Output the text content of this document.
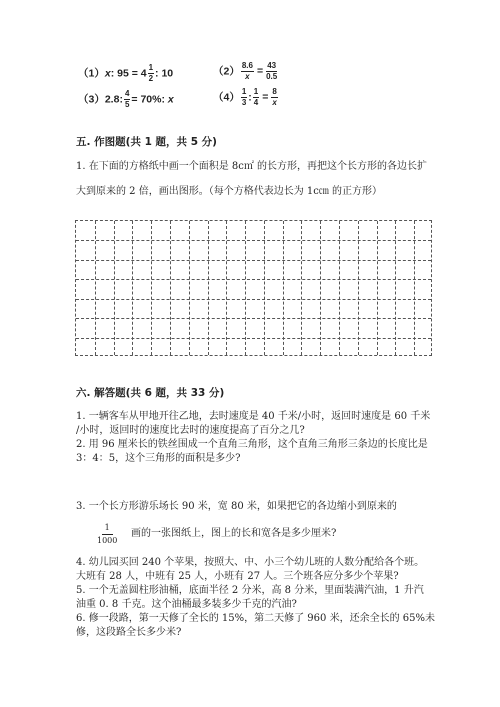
（1）x: $95 = 4 \frac{1}{2}$ : 10	$(2) \frac{8.6}{x} = \frac{43}{0.5}$
（3）2.8: $\frac{4}{5} = 70\%$: x	$(4) \frac{1}{3}$ : $\frac{1}{4} = \frac{8}{x}$
五. 作图题(共 1 题，共 5 分)
1. 在下面的方格纸中画一个面积是 8c㎡ 的长方形，再把这个长方形的各边长扩
大到原来的 2 倍，画出图形。（每个方格代表边长为 1c㎝ 的正方形）
六. 解答题(共 6 题，共 33 分)
1. 一辆客车从甲地开往乙地，去时速度是 40 千米/小时，返回时速度是 60 千米
/小时，返回时的速度比去时的速度提高了百分之几?
2. 用 96 厘米长的铁丝围成一个直角三角形，这个直角三角形三条边的长度比是
3：4：5，这个三角形的面积是多少?
3. 一个长方形游乐场长 90 米，宽 80 米，如果把它的各边缩小到原来的
$\frac{1}{1000}$ 画的一张图纸上，图上的长和宽各是多少厘米?
4. 幼儿园买回 240 个苹果，按照大、中、小三个幼儿班的人数分配给各个班。
大班有 28 人，中班有 25 人，小班有 27 人。三个班各应分多少个苹果?
5. 一个无盖圆柱形油桶，底面半径 2 分米，高 8 分米，里面装满汽油，1 升汽
油重 0. 8 千克。这个油桶最多装多少千克的汽油?
6. 修一段路，第一天修了全长的 15%，第二天修了 960 米，还余全长的 65%未
修，这段路全长多少米?
